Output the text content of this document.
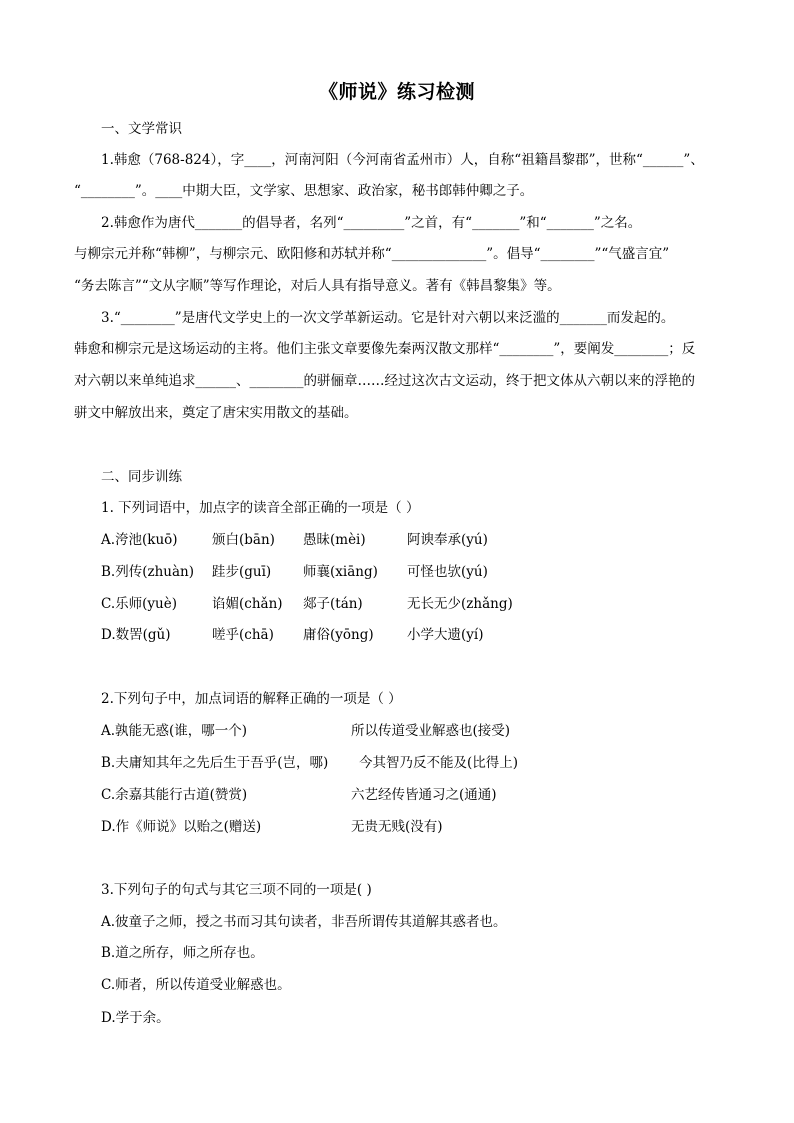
《师说》练习检测
一、文学常识
1.韩愈（768-824），字____，河南河阳（今河南省孟州市）人，自称“祖籍昌黎郡”，世称“______”、
“________”。____中期大臣，文学家、思想家、政治家，秘书郎韩仲卿之子。
2.韩愈作为唐代_______的倡导者，名列“_________”之首，有“_______”和“_______”之名。
与柳宗元并称“韩柳”，与柳宗元、欧阳修和苏轼并称“______________”。倡导“________”“气盛言宜”
“务去陈言”“文从字顺”等写作理论，对后人具有指导意义。著有《韩昌黎集》等。
3.“________”是唐代文学史上的一次文学革新运动。它是针对六朝以来泛滥的_______而发起的。
韩愈和柳宗元是这场运动的主将。他们主张文章要像先秦两汉散文那样“________”，要阐发________；反
对六朝以来单纯追求______、________的骈俪章……经过这次古文运动，终于把文体从六朝以来的浮艳的
骈文中解放出来，奠定了唐宋实用散文的基础。
二、同步训练
1. 下列词语中，加点字的读音全部正确的一项是（ ）
A.洿池(kuō)	颁白(bān) 愚昧(mèi)	阿谀奉承(yú)
B.列传(zhuàn) 跬步(guī) 师襄(xiāng) 可怪也欤(yú)
C.乐师(yuè)	谄媚(chǎn) 郯子(tán)	无长无少(zhǎng)
D.数罟(gǔ)	嗟乎(chā) 庸俗(yōng) 小学大遗(yí)
2.下列句子中，加点词语的解释正确的一项是（ ）
A.孰能无惑(谁，哪一个)	所以传道受业解惑也(接受)
B.夫庸知其年之先后生于吾乎(岂，哪) 今其智乃反不能及(比得上)
C.余嘉其能行古道(赞赏)	六艺经传皆通习之(通通)
D.作《师说》以贻之(赠送)	无贵无贱(没有)
3.下列句子的句式与其它三项不同的一项是( )
A.彼童子之师，授之书而习其句读者，非吾所谓传其道解其惑者也。
B.道之所存，师之所存也。
C.师者，所以传道受业解惑也。
D.学于余。
